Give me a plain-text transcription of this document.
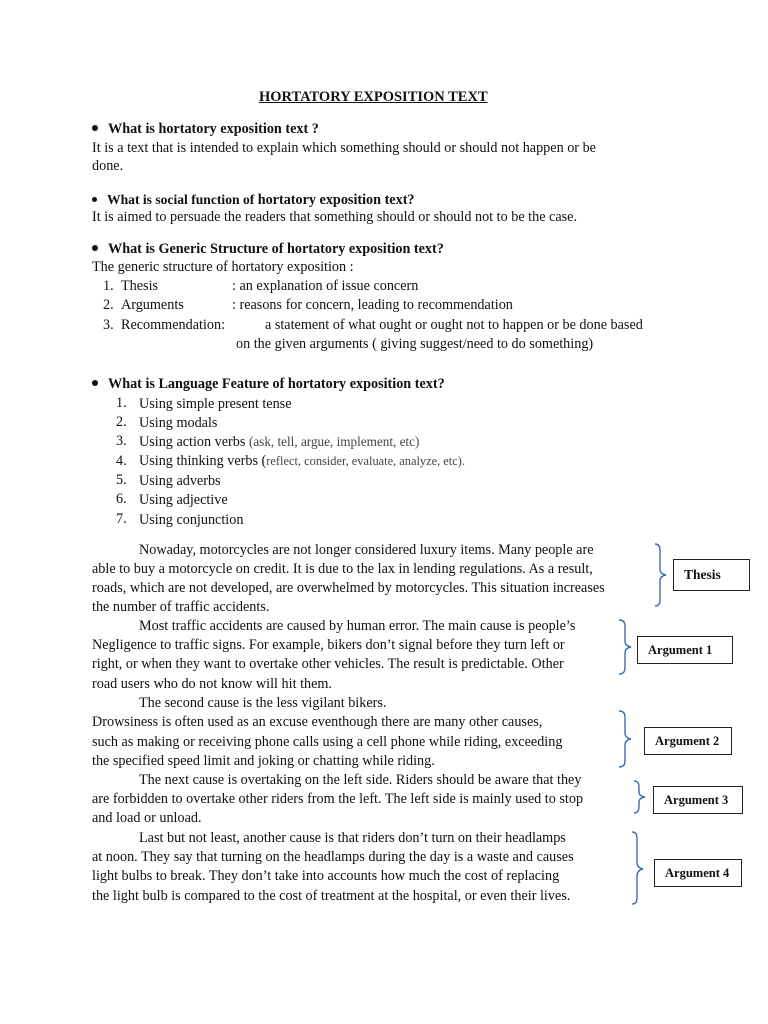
HORTATORY EXPOSITION TEXT
What is hortatory exposition text ?
It is a text that is intended to explain which something should or should not happen or be
done.
What is social function of hortatory exposition text?
It is aimed to persuade the readers that something should or should not to be the case.
What is Generic Structure of hortatory exposition text?
The generic structure of hortatory exposition :
1. Thesis	: an explanation of issue concern
2. Arguments	: reasons for concern, leading to recommendation
3. Recommendation:	a statement of what ought or ought not to happen or be done based
on the given arguments ( giving suggest/need to do something)
What is Language Feature of hortatory exposition text?
1. Using simple present tense
2. Using modals
3. Using action verbs (ask, tell, argue, implement, etc)
4. Using thinking verbs (reflect, consider, evaluate, analyze, etc).
5. Using adverbs
6. Using adjective
7. Using conjunction
Nowaday, motorcycles are not longer considered luxury items. Many people are
able to buy a motorcycle on credit. It is due to the lax in lending regulations. As a result,
roads, which are not developed, are overwhelmed by motorcycles. This situation increases
the number of traffic accidents.
Most traffic accidents are caused by human error. The main cause is people’s
Negligence to traffic signs. For example, bikers don’t signal before they turn left or
right, or when they want to overtake other vehicles. The result is predictable. Other
road users who do not know will hit them.
The second cause is the less vigilant bikers.
Drowsiness is often used as an excuse eventhough there are many other causes,
such as making or receiving phone calls using a cell phone while riding, exceeding
the specified speed limit and joking or chatting while riding.
The next cause is overtaking on the left side. Riders should be aware that they
are forbidden to overtake other riders from the left. The left side is mainly used to stop
and load or unload.
Last but not least, another cause is that riders don’t turn on their headlamps
at noon. They say that turning on the headlamps during the day is a waste and causes
light bulbs to break. They don’t take into accounts how much the cost of replacing
the light bulb is compared to the cost of treatment at the hospital, or even their lives.
Thesis
Argument 1
Argument 2
Argument 3
Argument 4
